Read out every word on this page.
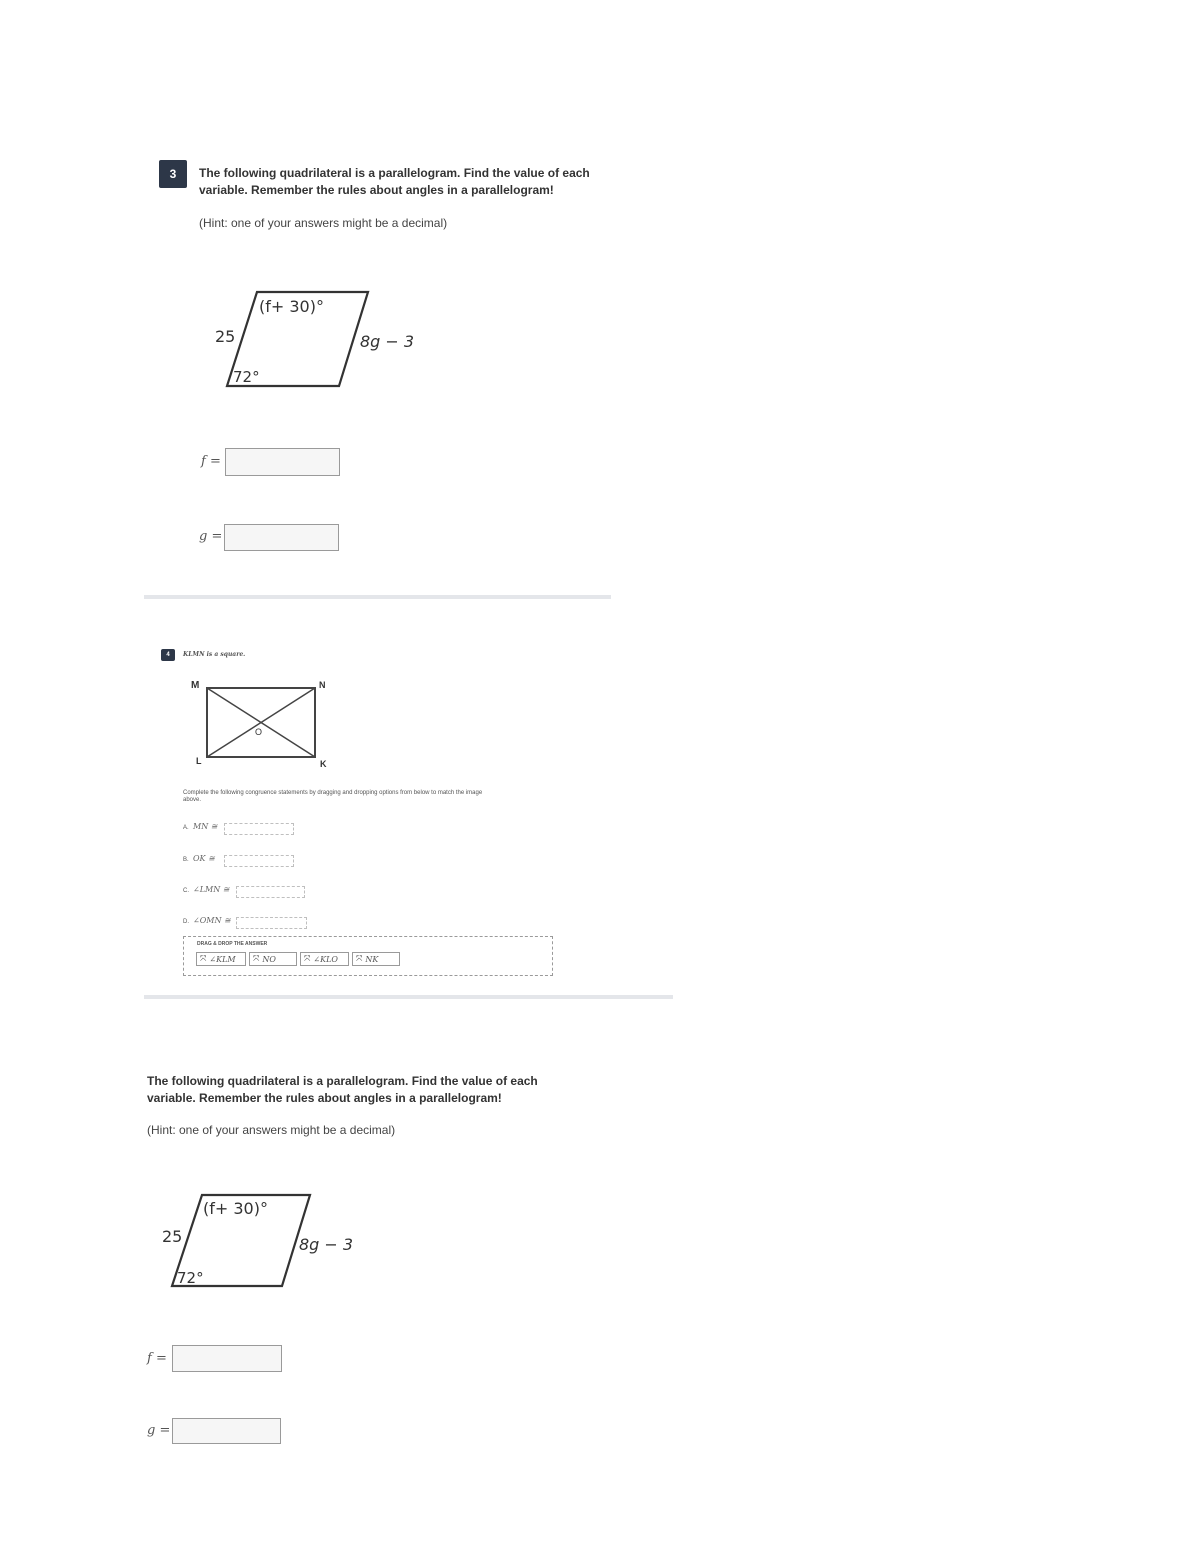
3	The following quadrilateral is a parallelogram. Find the value of each
variable. Remember the rules about angles in a parallelogram!
(Hint: one of your answers might be a decimal)
(f+ 30)°
25	8g − 3
72°
f =
g =
4	KLMN is a square.
M	N
L	K
O
Complete the following congruence statements by dragging and dropping options from below to match the image
above.
A. MN ≅
B. OK ≅
C. ∠LMN ≅
D. ∠OMN ≅
DRAG & DROP THE ANSWER
⤧ ∠KLM ⤧ NO	⤧ ∠KLO ⤧ NK
The following quadrilateral is a parallelogram. Find the value of each
variable. Remember the rules about angles in a parallelogram!
(Hint: one of your answers might be a decimal)
(f+ 30)°
25	8g − 3
72°
f =
g =
